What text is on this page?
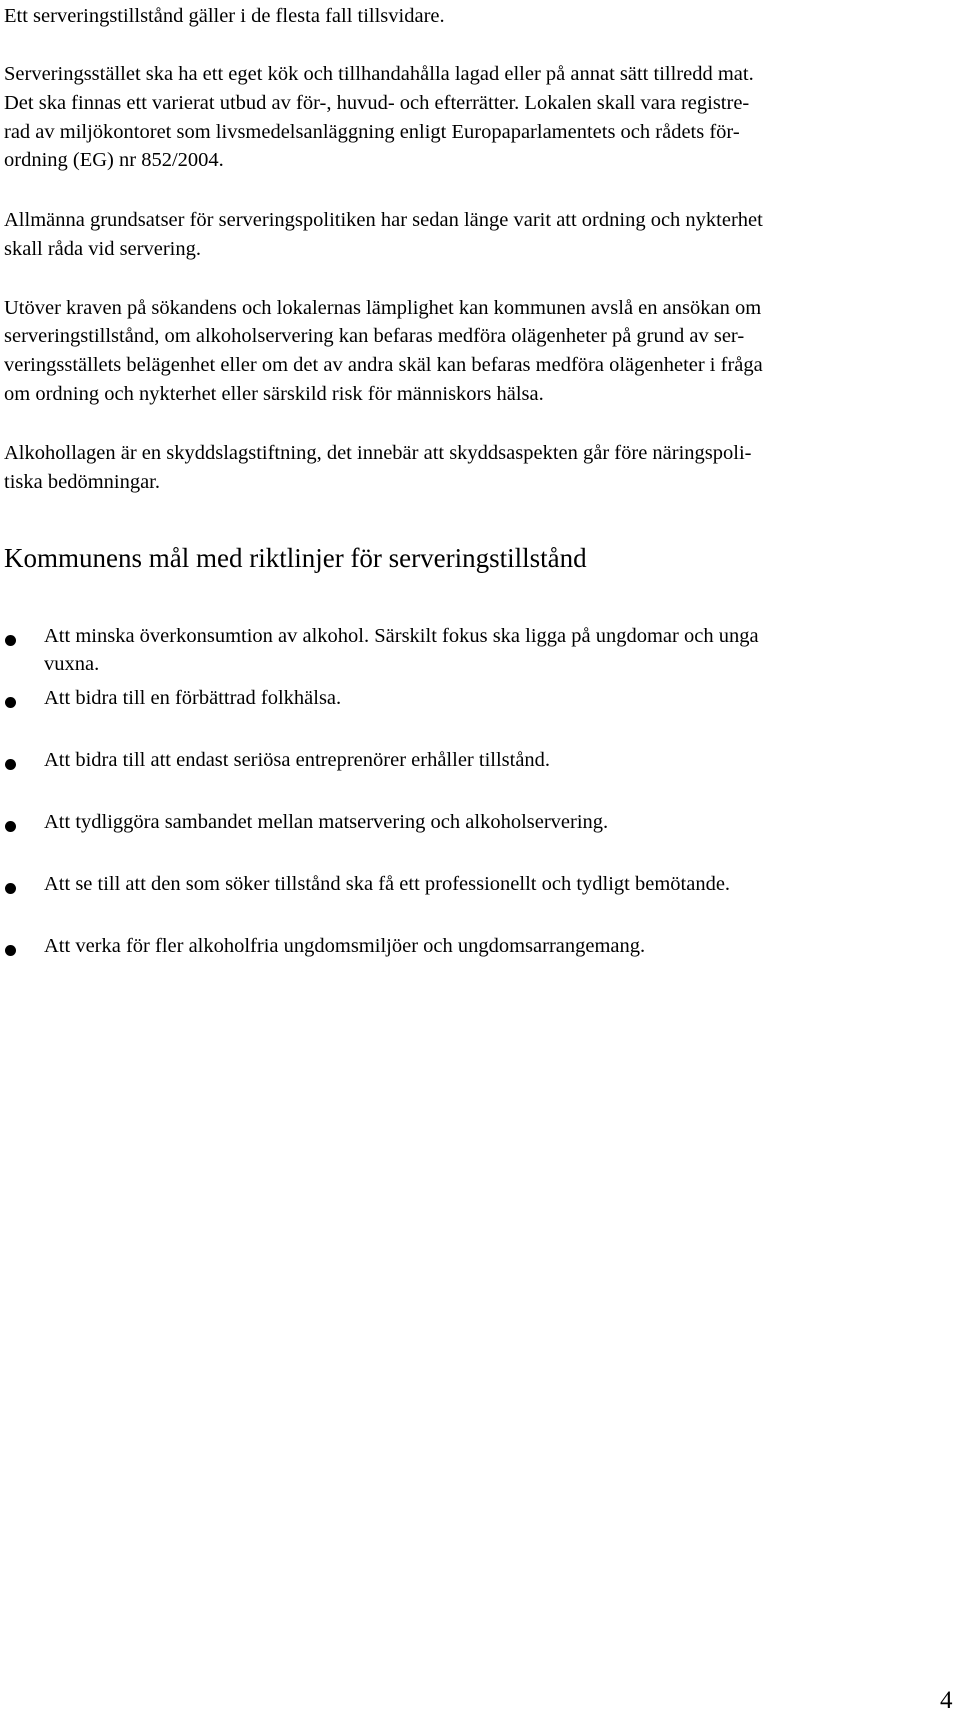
Ett serveringstillstånd gäller i de flesta fall tillsvidare.

Serveringsstället ska ha ett eget kök och tillhandahålla lagad eller på annat sätt tillredd mat.

Det ska finnas ett varierat utbud av för-, huvud- och efterrätter. Lokalen skall vara registre-

rad av miljökontoret som livsmedelsanläggning enligt Europaparlamentets och rådets för-

ordning (EG) nr 852/2004.

Allmänna grundsatser för serveringspolitiken har sedan länge varit att ordning och nykterhet

skall råda vid servering.

Utöver kraven på sökandens och lokalernas lämplighet kan kommunen avslå en ansökan om

serveringstillstånd, om alkoholservering kan befaras medföra olägenheter på grund av ser-

veringsställets belägenhet eller om det av andra skäl kan befaras medföra olägenheter i fråga

om ordning och nykterhet eller särskild risk för människors hälsa.

Alkohollagen är en skyddslagstiftning, det innebär att skyddsaspekten går före näringspoli-

tiska bedömningar.

Kommunens mål med riktlinjer för serveringstillstånd

Att minska överkonsumtion av alkohol. Särskilt fokus ska ligga på ungdomar och unga

vuxna.

Att bidra till en förbättrad folkhälsa.

Att bidra till att endast seriösa entreprenörer erhåller tillstånd.

Att tydliggöra sambandet mellan matservering och alkoholservering.

Att se till att den som söker tillstånd ska få ett professionellt och tydligt bemötande.

Att verka för fler alkoholfria ungdomsmiljöer och ungdomsarrangemang.

4
